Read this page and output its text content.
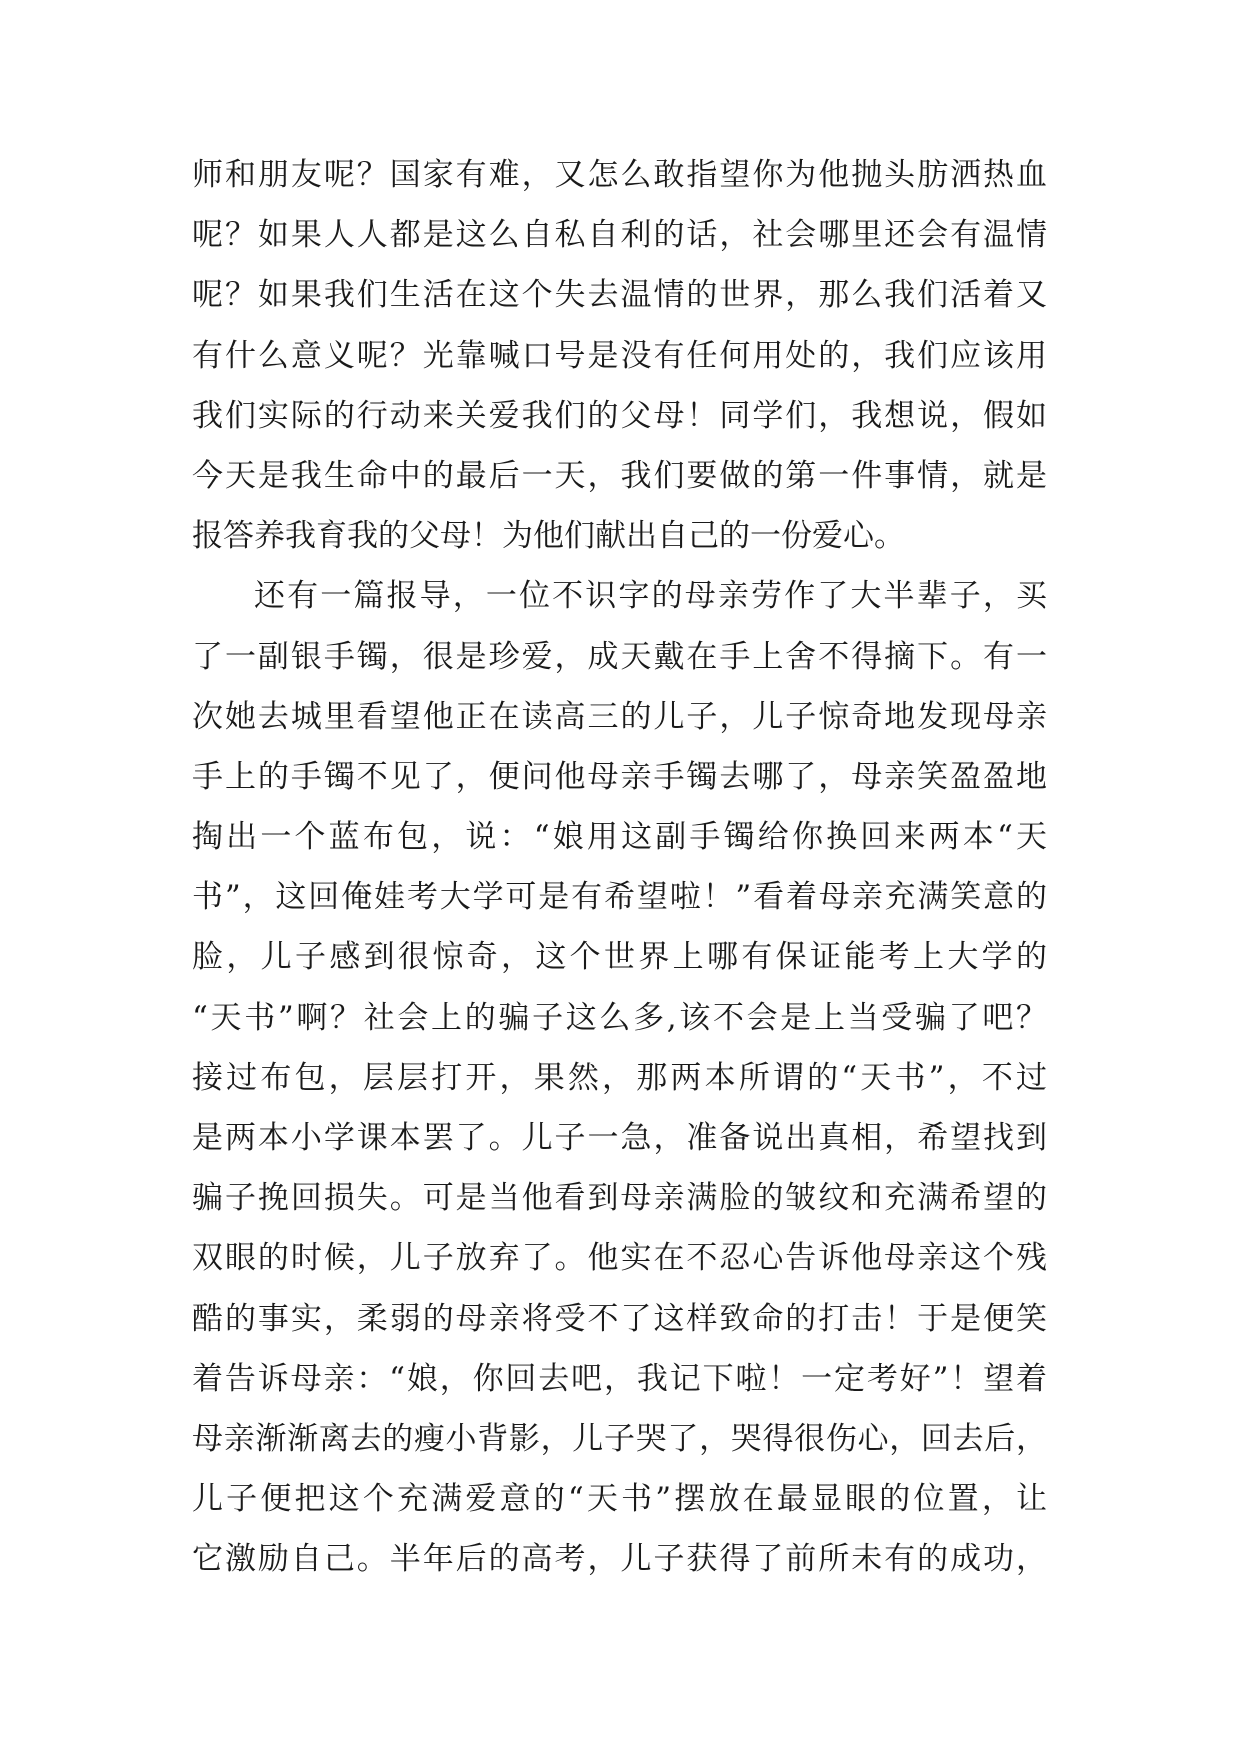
师和朋友呢？国家有难，又怎么敢指望你为他抛头肪洒热血
呢？如果人人都是这么自私自利的话，社会哪里还会有温情
呢？如果我们生活在这个失去温情的世界，那么我们活着又
有什么意义呢？光靠喊口号是没有任何用处的，我们应该用
我们实际的行动来关爱我们的父母！同学们，我想说，假如
今天是我生命中的最后一天，我们要做的第一件事情，就是
报答养我育我的父母！为他们献出自己的一份爱心。
还有一篇报导，一位不识字的母亲劳作了大半辈子，买
了一副银手镯，很是珍爱，成天戴在手上舍不得摘下。有一
次她去城里看望他正在读高三的儿子，儿子惊奇地发现母亲
手上的手镯不见了，便问他母亲手镯去哪了，母亲笑盈盈地
掏出一个蓝布包，说：“娘用这副手镯给你换回来两本“天
书”，这回俺娃考大学可是有希望啦！”看着母亲充满笑意的
脸，儿子感到很惊奇，这个世界上哪有保证能考上大学的
“天书”啊？社会上的骗子这么多,该不会是上当受骗了吧？
接过布包，层层打开，果然，那两本所谓的“天书”，不过
是两本小学课本罢了。儿子一急，准备说出真相，希望找到
骗子挽回损失。可是当他看到母亲满脸的皱纹和充满希望的
双眼的时候，儿子放弃了。他实在不忍心告诉他母亲这个残
酷的事实，柔弱的母亲将受不了这样致命的打击！于是便笑
着告诉母亲：“娘，你回去吧，我记下啦！一定考好”！望着
母亲渐渐离去的瘦小背影，儿子哭了，哭得很伤心，回去后，
儿子便把这个充满爱意的“天书”摆放在最显眼的位置，让
它激励自己。半年后的高考，儿子获得了前所未有的成功，
